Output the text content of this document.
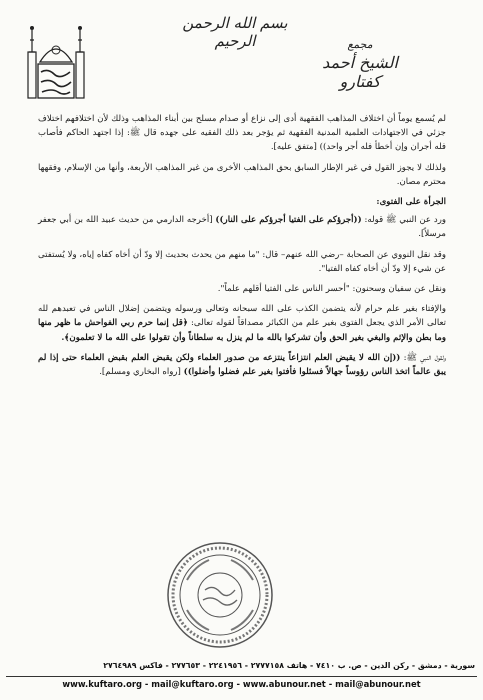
بسم الله الرحمن الرحيم	مجمع
الشيخ أحمد كفتارو

لم يُسمع يوماً أن اختلاف المذاهب الفقهية أدى إلى نزاع أو صدام مسلح بين أبناء المذاهب وذلك لأن اختلافهم اختلاف جزئي في الاجتهادات العلمية المدنية الفقهية ثم يؤجر بعد ذلك الفقيه على جهده قال ﷺ: إذا اجتهد الحاكم فأصاب فله أجران وإن أخطأ فله أجر واحد)) [متفق عليه].

ولذلك لا يجوز القول في غير الإطار السابق بحق المذاهب الأخرى من غير المذاهب الأربعة، وأنها من الإسلام، وفقهها محترم مصان.

الجرأة على الفتوى:

ورد عن النبي ﷺ قوله: ((أجرؤكم على الفتيا أجرؤكم على النار)) [أخرجه الدارمي من حديث عبيد الله بن أبي جعفر مرسلاً].

وقد نقل النووي عن الصحابة –رضي الله عنهم– قال: "ما منهم من يحدث بحديث إلا ودّ أن أخاه كفاه إياه، ولا يُستفتى عن شيء إلا ودّ أن أخاه كفاه الفتيا".

ونقل عن سفيان وسحنون: "أحسر الناس على الفتيا أقلهم علماً".

والإفتاء بغير علم حرام لأنه يتضمن الكذب على الله سبحانه وتعالى ورسوله ويتضمن إضلال الناس في تعبدهم لله تعالى الأمر الذي يجعل الفتوى بغير علم من الكبائر مصداقاً لقوله تعالى: ﴿قل إنما حرم ربي الفواحش ما ظهر منها وما بطن والإثم والبغي بغير الحق وأن تشركوا بالله ما لم ينزل به سلطاناً وأن تقولوا على الله ما لا تعلمون﴾.

ولقول النبي ﷺ: ((إن الله لا يقبض العلم انتزاعاً ينتزعه من صدور العلماء ولكن يقبض العلم بقبض العلماء حتى إذا لم يبق عالماً اتخذ الناس رؤوساً جهالاً فسئلوا فأفتوا بغير علم فضلوا وأضلوا)) [رواه البخاري ومسلم].

سورية - دمشق - ركن الدين - ص. ب ٧٤١٠ - هاتف ٢٧٧٧١٥٨ - ٢٢٤١٩٥٦ - ٢٧٧٦٥٣ - فاكس ٢٧٦٤٩٨٩
www.kuftaro.org - mail@kuftaro.org - www.abunour.net - mail@abunour.net
